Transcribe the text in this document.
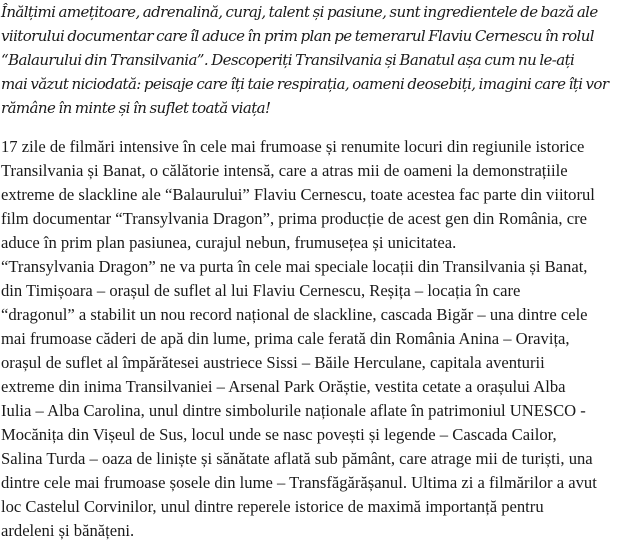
Înălțimi amețitoare, adrenalină, curaj, talent și pasiune, sunt ingredientele de bază ale
viitorului documentar care îl aduce în prim plan pe temerarul Flaviu Cernescu în rolul
“Balaurului din Transilvania”. Descoperiți Transilvania și Banatul așa cum nu le-ați
mai văzut niciodată: peisaje care îți taie respirația, oameni deosebiți, imagini care îți vor
rămâne în minte și în suflet toată viața!
17 zile de filmări intensive în cele mai frumoase și renumite locuri din regiunile istorice
Transilvania și Banat, o călătorie intensă, care a atras mii de oameni la demonstrațiile
extreme de slackline ale “Balaurului” Flaviu Cernescu, toate acestea fac parte din viitorul
film documentar “Transylvania Dragon”, prima producție de acest gen din România, cre
aduce în prim plan pasiunea, curajul nebun, frumusețea și unicitatea.
“Transylvania Dragon” ne va purta în cele mai speciale locații din Transilvania și Banat,
din Timișoara – orașul de suflet al lui Flaviu Cernescu, Reșița – locația în care
“dragonul” a stabilit un nou record național de slackline, cascada Bigăr – una dintre cele
mai frumoase căderi de apă din lume, prima cale ferată din România Anina – Oravița,
orașul de suflet al împărătesei austriece Sissi – Băile Herculane, capitala aventurii
extreme din inima Transilvaniei – Arsenal Park Orăștie, vestita cetate a orașului Alba
Iulia – Alba Carolina, unul dintre simbolurile naționale aflate în patrimoniul UNESCO -
Mocănița din Vișeul de Sus, locul unde se nasc povești și legende – Cascada Cailor,
Salina Turda – oaza de liniște și sănătate aflată sub pământ, care atrage mii de turiști, una
dintre cele mai frumoase șosele din lume – Transfăgărășanul. Ultima zi a filmărilor a avut
loc Castelul Corvinilor, unul dintre reperele istorice de maximă importanță pentru
ardeleni și bănățeni.
